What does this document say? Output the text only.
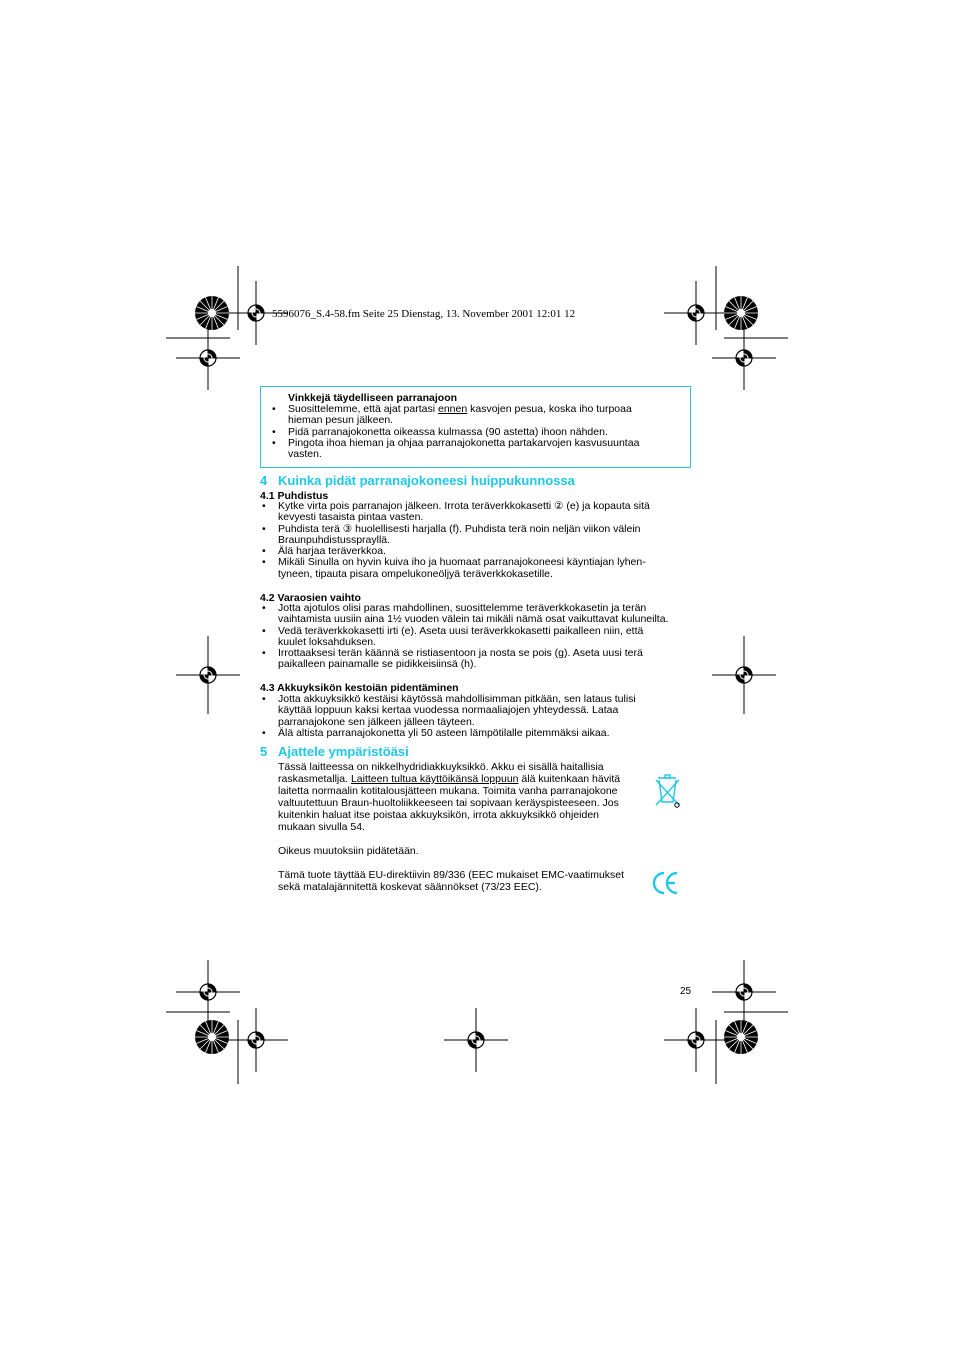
5596076_S.4-58.fm Seite 25 Dienstag, 13. November 2001 12:01 12
Vinkkejä täydelliseen parranajoon
• Suosittelemme, että ajat partasi ennen kasvojen pesua, koska iho turpoaa
hieman pesun jälkeen.
• Pidä parranajokonetta oikeassa kulmassa (90 astetta) ihoon nähden.
• Pingota ihoa hieman ja ohjaa parranajokonetta partakarvojen kasvusuuntaa
vasten.
4 Kuinka pidät parranajokoneesi huippukunnossa
4.1 Puhdistus
• Kytke virta pois parranajon jälkeen. Irrota teräverkkokasetti ② (e) ja kopauta sitä
kevyesti tasaista pintaa vasten.
• Puhdista terä ③ huolellisesti harjalla (f). Puhdista terä noin neljän viikon välein
Braunpuhdistussprayllä.
• Älä harjaa teräverkkoa.
• Mikäli Sinulla on hyvin kuiva iho ja huomaat parranajokoneesi käyntiajan lyhen-
tyneen, tipauta pisara ompelukoneöljyä teräverkkokasetille.
4.2 Varaosien vaihto
• Jotta ajotulos olisi paras mahdollinen, suosittelemme teräverkkokasetin ja terän
vaihtamista uusiin aina 1½ vuoden välein tai mikäli nämä osat vaikuttavat kuluneilta.
• Vedä teräverkkokasetti irti (e). Aseta uusi teräverkkokasetti paikalleen niin, että
kuulet loksahduksen.
• Irrottaaksesi terän käännä se ristiasentoon ja nosta se pois (g). Aseta uusi terä
paikalleen painamalle se pidikkeisiinsä (h).
4.3 Akkuyksikön kestoiän pidentäminen
• Jotta akkuyksikkö kestäisi käytössä mahdollisimman pitkään, sen lataus tulisi
käyttää loppuun kaksi kertaa vuodessa normaaliajojen yhteydessä. Lataa
parranajokone sen jälkeen jälleen täyteen.
• Älä altista parranajokonetta yli 50 asteen lämpötilalle pitemmäksi aikaa.
5 Ajattele ympäristöäsi
Tässä laitteessa on nikkelhydridiakkuyksikkö. Akku ei sisällä haitallisia
raskasmetallja. Laitteen tultua käyttöikänsä loppuun älä kuitenkaan hävitä
laitetta normaalin kotitalousjätteen mukana. Toimita vanha parranajokone
valtuutettuun Braun-huoltoliikkeeseen tai sopivaan keräyspisteeseen. Jos
kuitenkin haluat itse poistaa akkuyksikön, irrota akkuyksikkö ohjeiden
mukaan sivulla 54.
Oikeus muutoksiin pidätetään.
Tämä tuote täyttää EU-direktiivin 89/336 (EEC mukaiset EMC-vaatimukset
sekä matalajännitettä koskevat säännökset (73/23 EEC).
25
